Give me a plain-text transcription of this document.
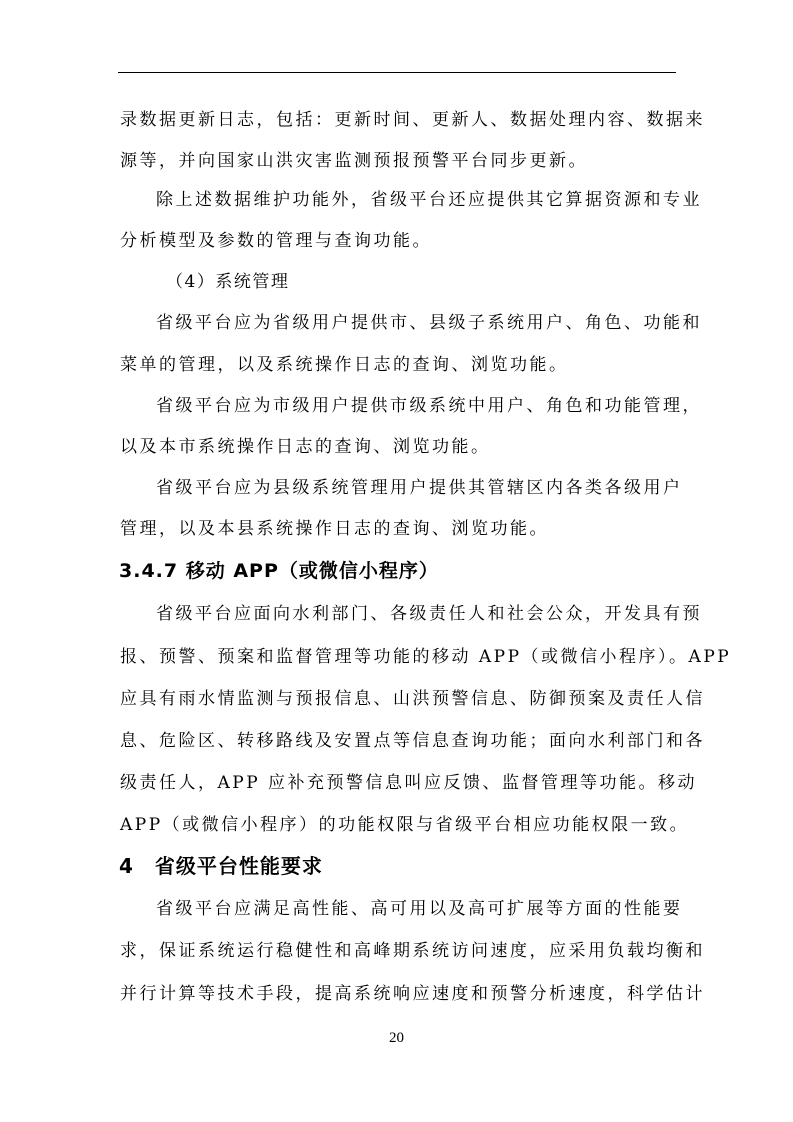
录数据更新日志，包括：更新时间、更新人、数据处理内容、数据来

源等，并向国家山洪灾害监测预报预警平台同步更新。

除上述数据维护功能外，省级平台还应提供其它算据资源和专业

分析模型及参数的管理与查询功能。

（4）系统管理

省级平台应为省级用户提供市、县级子系统用户、角色、功能和

菜单的管理，以及系统操作日志的查询、浏览功能。

省级平台应为市级用户提供市级系统中用户、角色和功能管理，

以及本市系统操作日志的查询、浏览功能。

省级平台应为县级系统管理用户提供其管辖区内各类各级用户

管理，以及本县系统操作日志的查询、浏览功能。

3.4.7 移动 APP（或微信小程序）

省级平台应面向水利部门、各级责任人和社会公众，开发具有预

报、预警、预案和监督管理等功能的移动 APP（或微信小程序）。APP

应具有雨水情监测与预报信息、山洪预警信息、防御预案及责任人信

息、危险区、转移路线及安置点等信息查询功能；面向水利部门和各

级责任人，APP 应补充预警信息叫应反馈、监督管理等功能。移动

APP（或微信小程序）的功能权限与省级平台相应功能权限一致。

4　省级平台性能要求

省级平台应满足高性能、高可用以及高可扩展等方面的性能要

求，保证系统运行稳健性和高峰期系统访问速度，应采用负载均衡和

并行计算等技术手段，提高系统响应速度和预警分析速度，科学估计

20
